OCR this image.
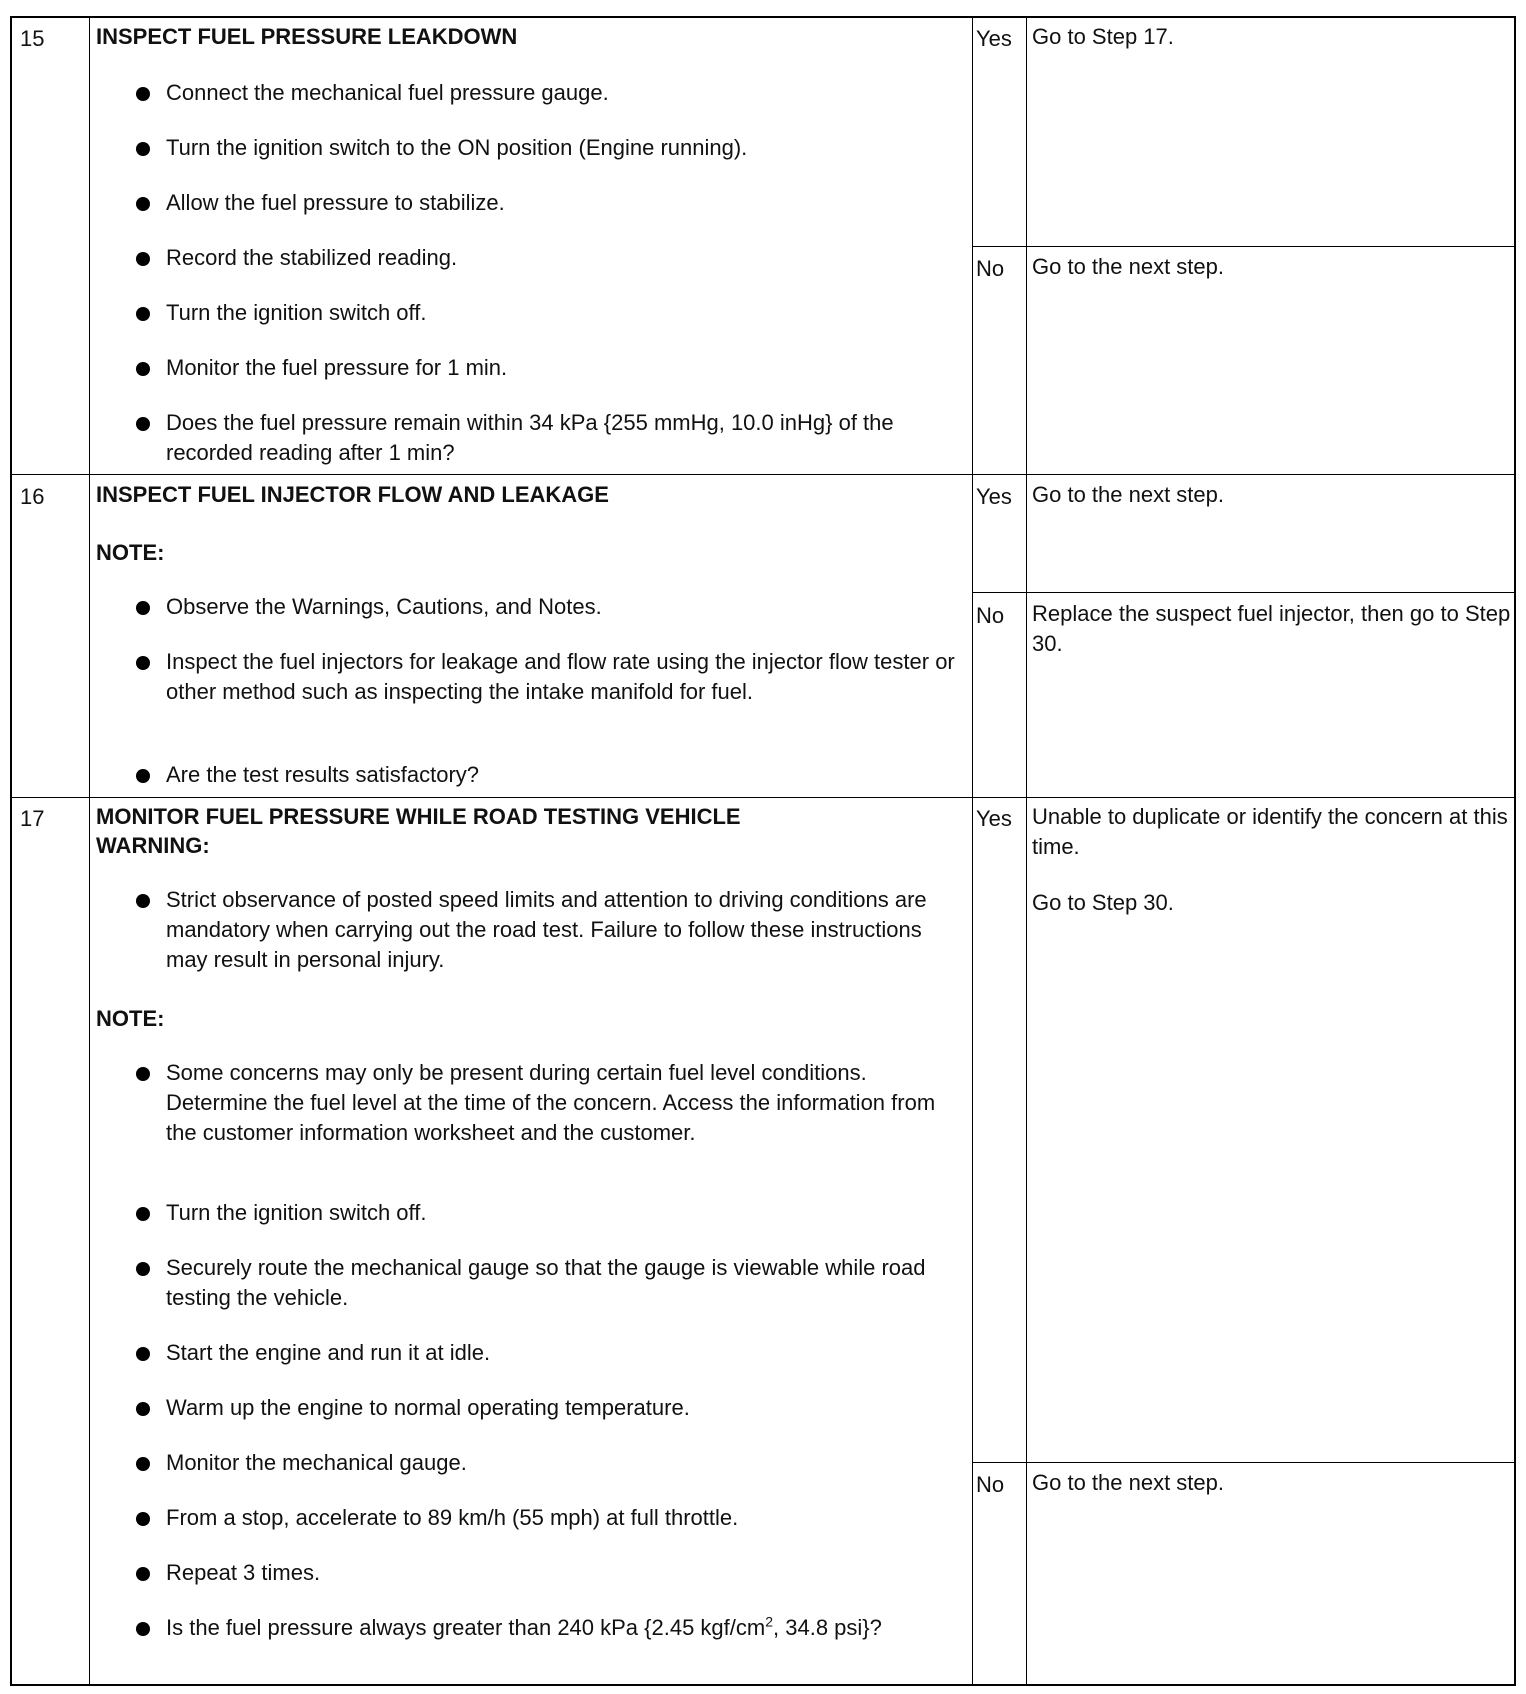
15 INSPECT FUEL PRESSURE LEAKDOWN
Connect the mechanical fuel pressure gauge.
Turn the ignition switch to the ON position (Engine running).
Allow the fuel pressure to stabilize.
Record the stabilized reading.
Turn the ignition switch off.
Monitor the fuel pressure for 1 min.
Does the fuel pressure remain within 34 kPa {255 mmHg, 10.0 inHg} of the recorded reading after 1 min?
Yes Go to Step 17.
No Go to the next step.
16 INSPECT FUEL INJECTOR FLOW AND LEAKAGE
NOTE:
Observe the Warnings, Cautions, and Notes.
Inspect the fuel injectors for leakage and flow rate using the injector flow tester or other method such as inspecting the intake manifold for fuel.
Are the test results satisfactory?
Yes Go to the next step.
No Replace the suspect fuel injector, then go to Step 30.
17 MONITOR FUEL PRESSURE WHILE ROAD TESTING VEHICLE
WARNING:
Strict observance of posted speed limits and attention to driving conditions are mandatory when carrying out the road test. Failure to follow these instructions may result in personal injury.
NOTE:
Some concerns may only be present during certain fuel level conditions. Determine the fuel level at the time of the concern. Access the information from the customer information worksheet and the customer.
Turn the ignition switch off.
Securely route the mechanical gauge so that the gauge is viewable while road testing the vehicle.
Start the engine and run it at idle.
Warm up the engine to normal operating temperature.
Monitor the mechanical gauge.
From a stop, accelerate to 89 km/h (55 mph) at full throttle.
Repeat 3 times.
Is the fuel pressure always greater than 240 kPa {2.45 kgf/$cm^2$, 34.8 psi}?
Yes Unable to duplicate or identify the concern at this time.
Go to Step 30.
No Go to the next step.
